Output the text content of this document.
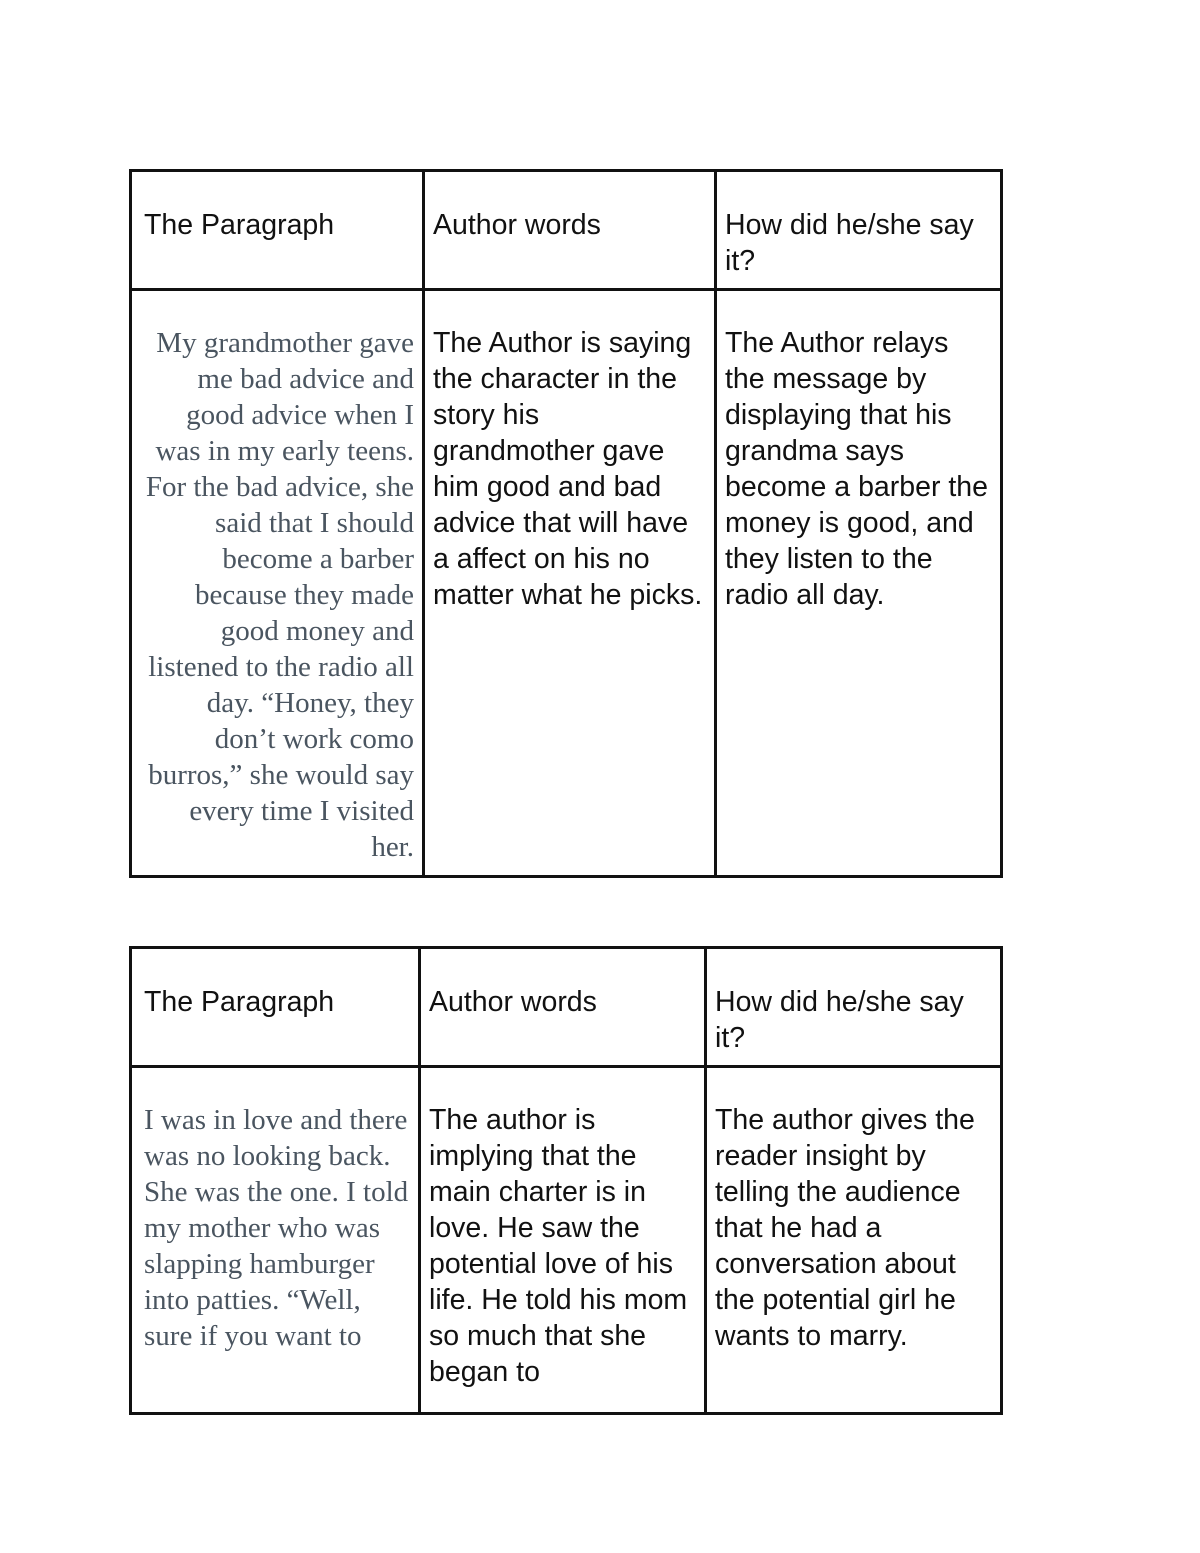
The Paragraph	Author words	How did he/she say it?
My grandmother gave me bad advice and good advice when I was in my early teens. For the bad advice, she said that I should become a barber because they made good money and listened to the radio all day. “Honey, they don’t work como burros,” she would say every time I visited her.	The Author is saying the character in the story his grandmother gave him good and bad advice that will have a affect on his no matter what he picks.	The Author relays the message by displaying that his grandma says become a barber the money is good, and they listen to the radio all day.
The Paragraph	Author words	How did he/she say it?
I was in love and there was no looking back. She was the one. I told my mother who was slapping hamburger into patties. “Well, sure if you want to	The author is implying that the main charter is in love. He saw the potential love of his life. He told his mom so much that she began to	The author gives the reader insight by telling the audience that he had a conversation about the potential girl he wants to marry.
